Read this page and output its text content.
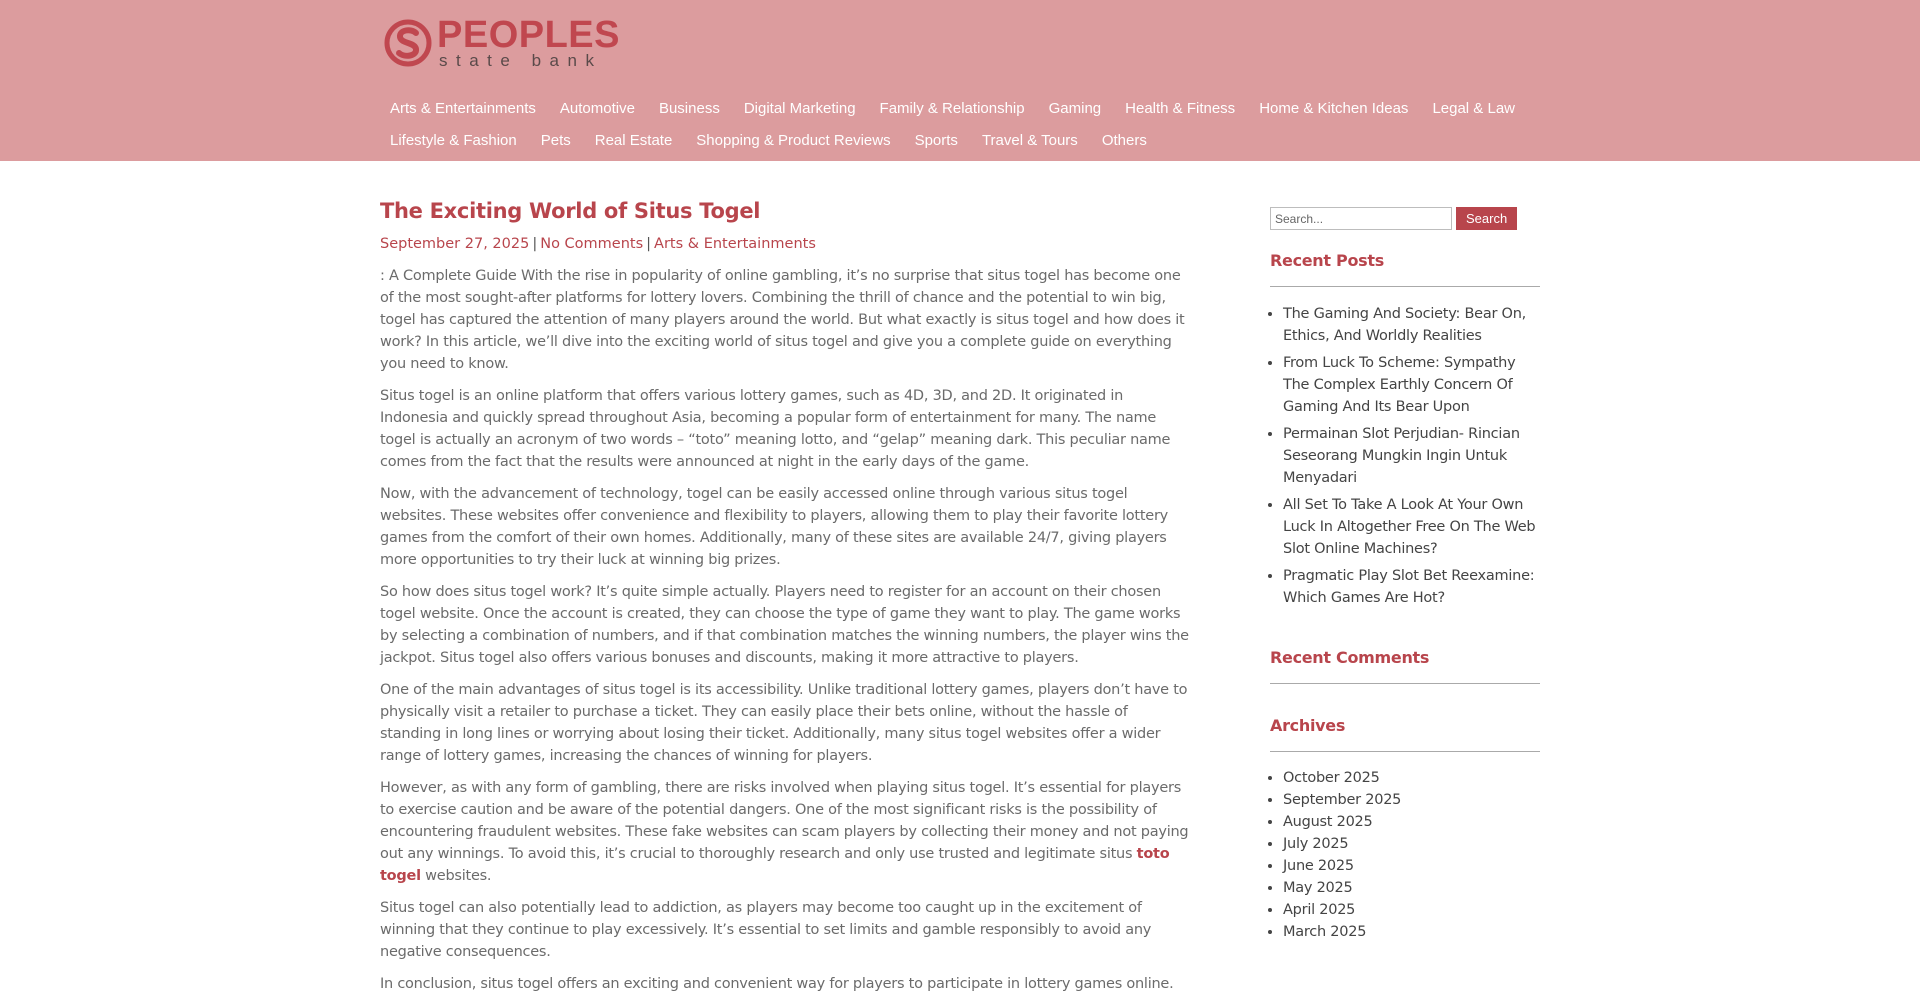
PEOPLES
state bank
Arts & Entertainments Automotive Business Digital Marketing Family & Relationship Gaming Health & Fitness Home & Kitchen Ideas Legal & Law
Lifestyle & Fashion Pets Real Estate Shopping & Product Reviews Sports Travel & Tours Others
The Exciting World of Situs Togel
September 27, 2025 | No Comments | Arts & Entertainments

: A Complete Guide With the rise in popularity of online gambling, it’s no surprise that situs togel has become one of the most sought-after platforms for lottery lovers. Combining the thrill of chance and the potential to win big, togel has captured the attention of many players around the world. But what exactly is situs togel and how does it work? In this article, we’ll dive into the exciting world of situs togel and give you a complete guide on everything you need to know.

Situs togel is an online platform that offers various lottery games, such as 4D, 3D, and 2D. It originated in Indonesia and quickly spread throughout Asia, becoming a popular form of entertainment for many. The name togel is actually an acronym of two words – “toto” meaning lotto, and “gelap” meaning dark. This peculiar name comes from the fact that the results were announced at night in the early days of the game.

Now, with the advancement of technology, togel can be easily accessed online through various situs togel websites. These websites offer convenience and flexibility to players, allowing them to play their favorite lottery games from the comfort of their own homes. Additionally, many of these sites are available 24/7, giving players more opportunities to try their luck at winning big prizes.

So how does situs togel work? It’s quite simple actually. Players need to register for an account on their chosen togel website. Once the account is created, they can choose the type of game they want to play. The game works by selecting a combination of numbers, and if that combination matches the winning numbers, the player wins the jackpot. Situs togel also offers various bonuses and discounts, making it more attractive to players.

One of the main advantages of situs togel is its accessibility. Unlike traditional lottery games, players don’t have to physically visit a retailer to purchase a ticket. They can easily place their bets online, without the hassle of standing in long lines or worrying about losing their ticket. Additionally, many situs togel websites offer a wider range of lottery games, increasing the chances of winning for players.

However, as with any form of gambling, there are risks involved when playing situs togel. It’s essential for players to exercise caution and be aware of the potential dangers. One of the most significant risks is the possibility of encountering fraudulent websites. These fake websites can scam players by collecting their money and not paying out any winnings. To avoid this, it’s crucial to thoroughly research and only use trusted and legitimate situs toto togel websites.

Situs togel can also potentially lead to addiction, as players may become too caught up in the excitement of winning that they continue to play excessively. It’s essential to set limits and gamble responsibly to avoid any negative consequences.

In conclusion, situs togel offers an exciting and convenient way for players to participate in lottery games online.

Search...
Search
Recent Posts
• The Gaming And Society: Bear On, Ethics, And Worldly Realities
• From Luck To Scheme: Sympathy The Complex Earthly Concern Of Gaming And Its Bear Upon
• Permainan Slot Perjudian- Rincian Seseorang Mungkin Ingin Untuk Menyadari
• All Set To Take A Look At Your Own Luck In Altogether Free On The Web Slot Online Machines?
• Pragmatic Play Slot Bet Reexamine: Which Games Are Hot?
Recent Comments
Archives
• October 2025
• September 2025
• August 2025
• July 2025
• June 2025
• May 2025
• April 2025
• March 2025
